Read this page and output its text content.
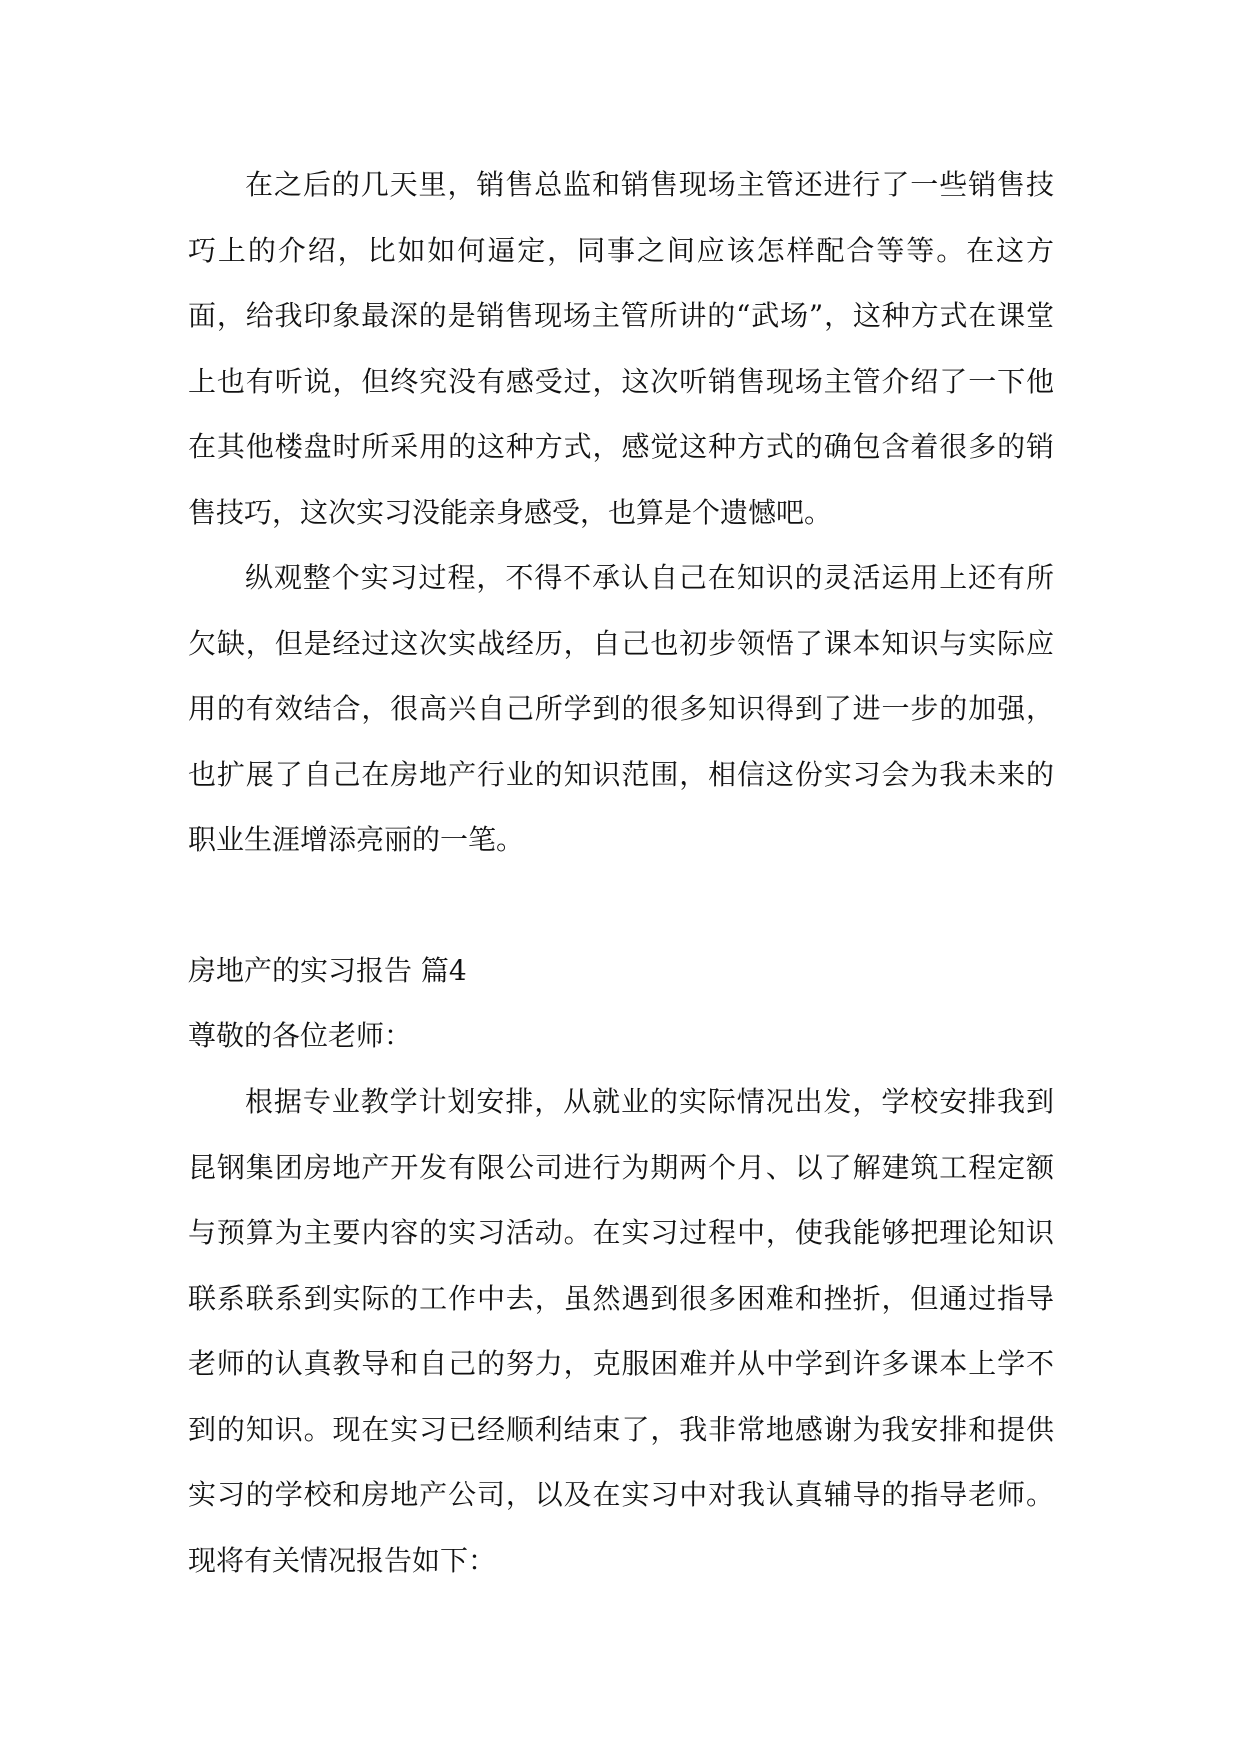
在之后的几天里，销售总监和销售现场主管还进行了一些销售技巧上的介绍，比如如何逼定，同事之间应该怎样配合等等。在这方面，给我印象最深的是销售现场主管所讲的“武场”，这种方式在课堂上也有听说，但终究没有感受过，这次听销售现场主管介绍了一下他在其他楼盘时所采用的这种方式，感觉这种方式的确包含着很多的销售技巧，这次实习没能亲身感受，也算是个遗憾吧。

纵观整个实习过程，不得不承认自己在知识的灵活运用上还有所欠缺，但是经过这次实战经历，自己也初步领悟了课本知识与实际应用的有效结合，很高兴自己所学到的很多知识得到了进一步的加强，也扩展了自己在房地产行业的知识范围，相信这份实习会为我未来的职业生涯增添亮丽的一笔。

房地产的实习报告 篇4

尊敬的各位老师：

根据专业教学计划安排，从就业的实际情况出发，学校安排我到昆钢集团房地产开发有限公司进行为期两个月、以了解建筑工程定额与预算为主要内容的实习活动。在实习过程中，使我能够把理论知识联系联系到实际的工作中去，虽然遇到很多困难和挫折，但通过指导老师的认真教导和自己的努力，克服困难并从中学到许多课本上学不到的知识。现在实习已经顺利结束了，我非常地感谢为我安排和提供实习的学校和房地产公司，以及在实习中对我认真辅导的指导老师。现将有关情况报告如下：
